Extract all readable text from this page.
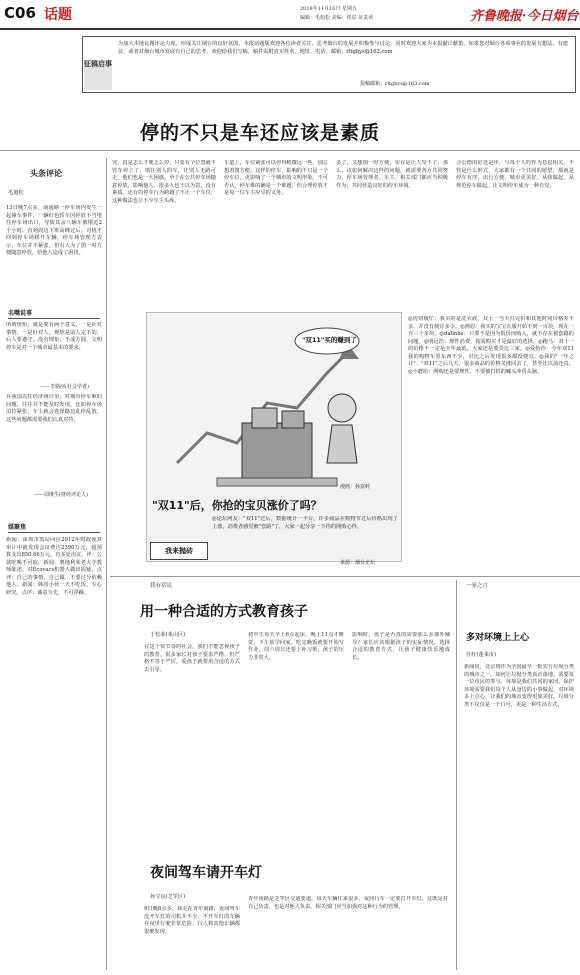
C06 话题	2018年11月16日 星期五
编辑：毛旭松 美编：纽辰 证责读	齐鲁晚报·今日烟台
征稿启事
为加大本地议题评论力度，形成关注烟台的良好氛围，本报话题版欢迎各位读者关注、思考烟台的发展并积极参与讨论，同时欢迎大家为本报献计献策。如果您对烟台各项事业的发展有想法、有建议，或者对烟台城市发展有自己的思考，欢迎给我们写稿。稿件需附真实姓名、地址、电话，邮箱：rltgbys@163.com
投稿邮箱：rltgbys@163.com
停的不只是车还应该是素质
头条评论
毛旭松
13日晚7点多，南通路一停车场内发生一起撞车事件，一辆红色轿车因停放不当堵住停车场出口，导致其余八辆车被堵近2个小时。直到周边下班高峰过后，司机才回到停车场移开车辆。停车场管理方表示，车位并不紧张，但有人为了图一时方便随意停放，给他人造成了困扰。
名嘴说事
所谓规矩，就是要有两个意义，一是针对事情，一是针对人。规矩是前人定下的，后人要遵守。没有规矩，不成方圆，文明停车是对一个城市最基本的要求。
——李骆河(社会学者)
在我国以往经济统计里，对城市停车难的问题，往往并不能及时发现。比如停车场泊位紧张，车主就会选择路边乱停乱放，这些问题都需要我们认真对待。
——周继生(财经评论人)
媒聚焦
新闻：深圳市监局回应2012年财政预算审计中就发现会议费达2390万元，超预算支出850.66万元，有多处决议。评：公款吃喝不可取。新闻：奥地利某老大学教师陈述，对Ecovacs机器人做出质疑。点评：自己的事情，自己做，不要过分依赖他人。新闻：韩国小伙一天不吃饭，专心研究。点评：诚意为先，不可浮躁。
究，真是怎么才便怎么停，只要有个位置就不管车停上了，堵住别人的车，让别人无路可走，他们也是一大困惑。至于在公共停车场随意停放，影响他人，很多人也不以为意，没有素质，还有的停车行为跨越了不止一个车位，这种做法也让不少车主头疼。
车道上，车位紧张可以停得稍微远一些，别总想着图方便。这样的停车，影响的不只是一个停车位，更影响了一个城市的文明形象。不可否认，停车难的确是一个难题，但合理停放才是每一位车主应尽的义务。
多了，又想图一时方便，实在是让人受不了，那么，该如何解决这样的问题，就需要各方共同努力。停车场管理者、车主、相关部门都应当积极作为，共同营造良好的停车环境。
合公德的好还是坏，与每个人的作为息息相关。不管是什么形式，大家都有一个共同的愿望，那就是停车有序、出行方便、城市更美好。从我做起，从规范停车做起，让文明停车成为一种自觉。
"双11"买的赚到了
漫画：孙富岭
"双11"后，你抢的宝贝涨价了吗？
我来抛砖
◎论坛网友："双11"过后，数据统计一平台，许多商品在购物节过后价格出现了上涨，消费者感觉被"套路"了，大家一起分享一下你的网购心得。
来源：烟台论坛
◎虎妞极忙：我买的是洗衣液，双十一当天打完折和其他时间价格差不多，并没有便宜多少。◎画眉：我买的宝宝衣服开始不到一百块，现在一百三十多块。◎dalinhe：只要不是因为低价而购入，就不存在被套路的问题。◎明远浩：理性消费，按需购买才是最好的选择。◎跑马：双十一的价格不一定是全年最低，大家还是要货比三家。◎爱怡你：今年双11我的购物车里东西不少，对比之后发现很多都没便宜。◎我的"一年之计"："双11"之后几天，很多商品的价格又涨回去了，甚至比以前还贵。◎小磨坊：网购还是要理性，不要被打折的噱头冲昏头脑。
我有话说
用一种合适的方式教育孩子
于松莱(莱山区)
在这个快节奏的社会，我们不能忽视孩子的教育。很多家长对孩子要求严格，但严格不等于严厉，爱孩子就要用合适的方式去引导。
初中生每天早上6点起床，晚上11点才睡觉，下午放学回家，吃完晚饭就要开始写作业，周六周日还要上补习班，孩子的压力非常大。
影响时，孩子是否真的需要那么多课外辅导？家长应该根据孩子的实际情况，选择合适的教育方式，让孩子健康快乐地成长。
夜间驾车请开车灯
孙宝良(芝罘区)
9日晚8点多，我走在青年南路，夜间驾车没开车灯的司机并不少，不开车灯的车辆在夜里行驶非常危险，行人和其他车辆都很难发现。
青年南路是芝罘区交通要道，每天车辆往来很多，夜间行车一定要打开车灯，这既是对自己负责，也是对他人负责。相关部门应当加强对这种行为的管理。
一家之言
多对环境上上心
任红(蓬莱市)
新闻说，北京将作为全国最早一批实行垃圾分类的城市之一。如何让垃圾分类真正落地，需要每一位市民的参与。环境是我们共同的家园，保护环境需要我们每个人从身边的小事做起，对环境多上点心，让我们的城市变得更加美好。垃圾分类不仅仅是一个口号，更是一种生活方式。
